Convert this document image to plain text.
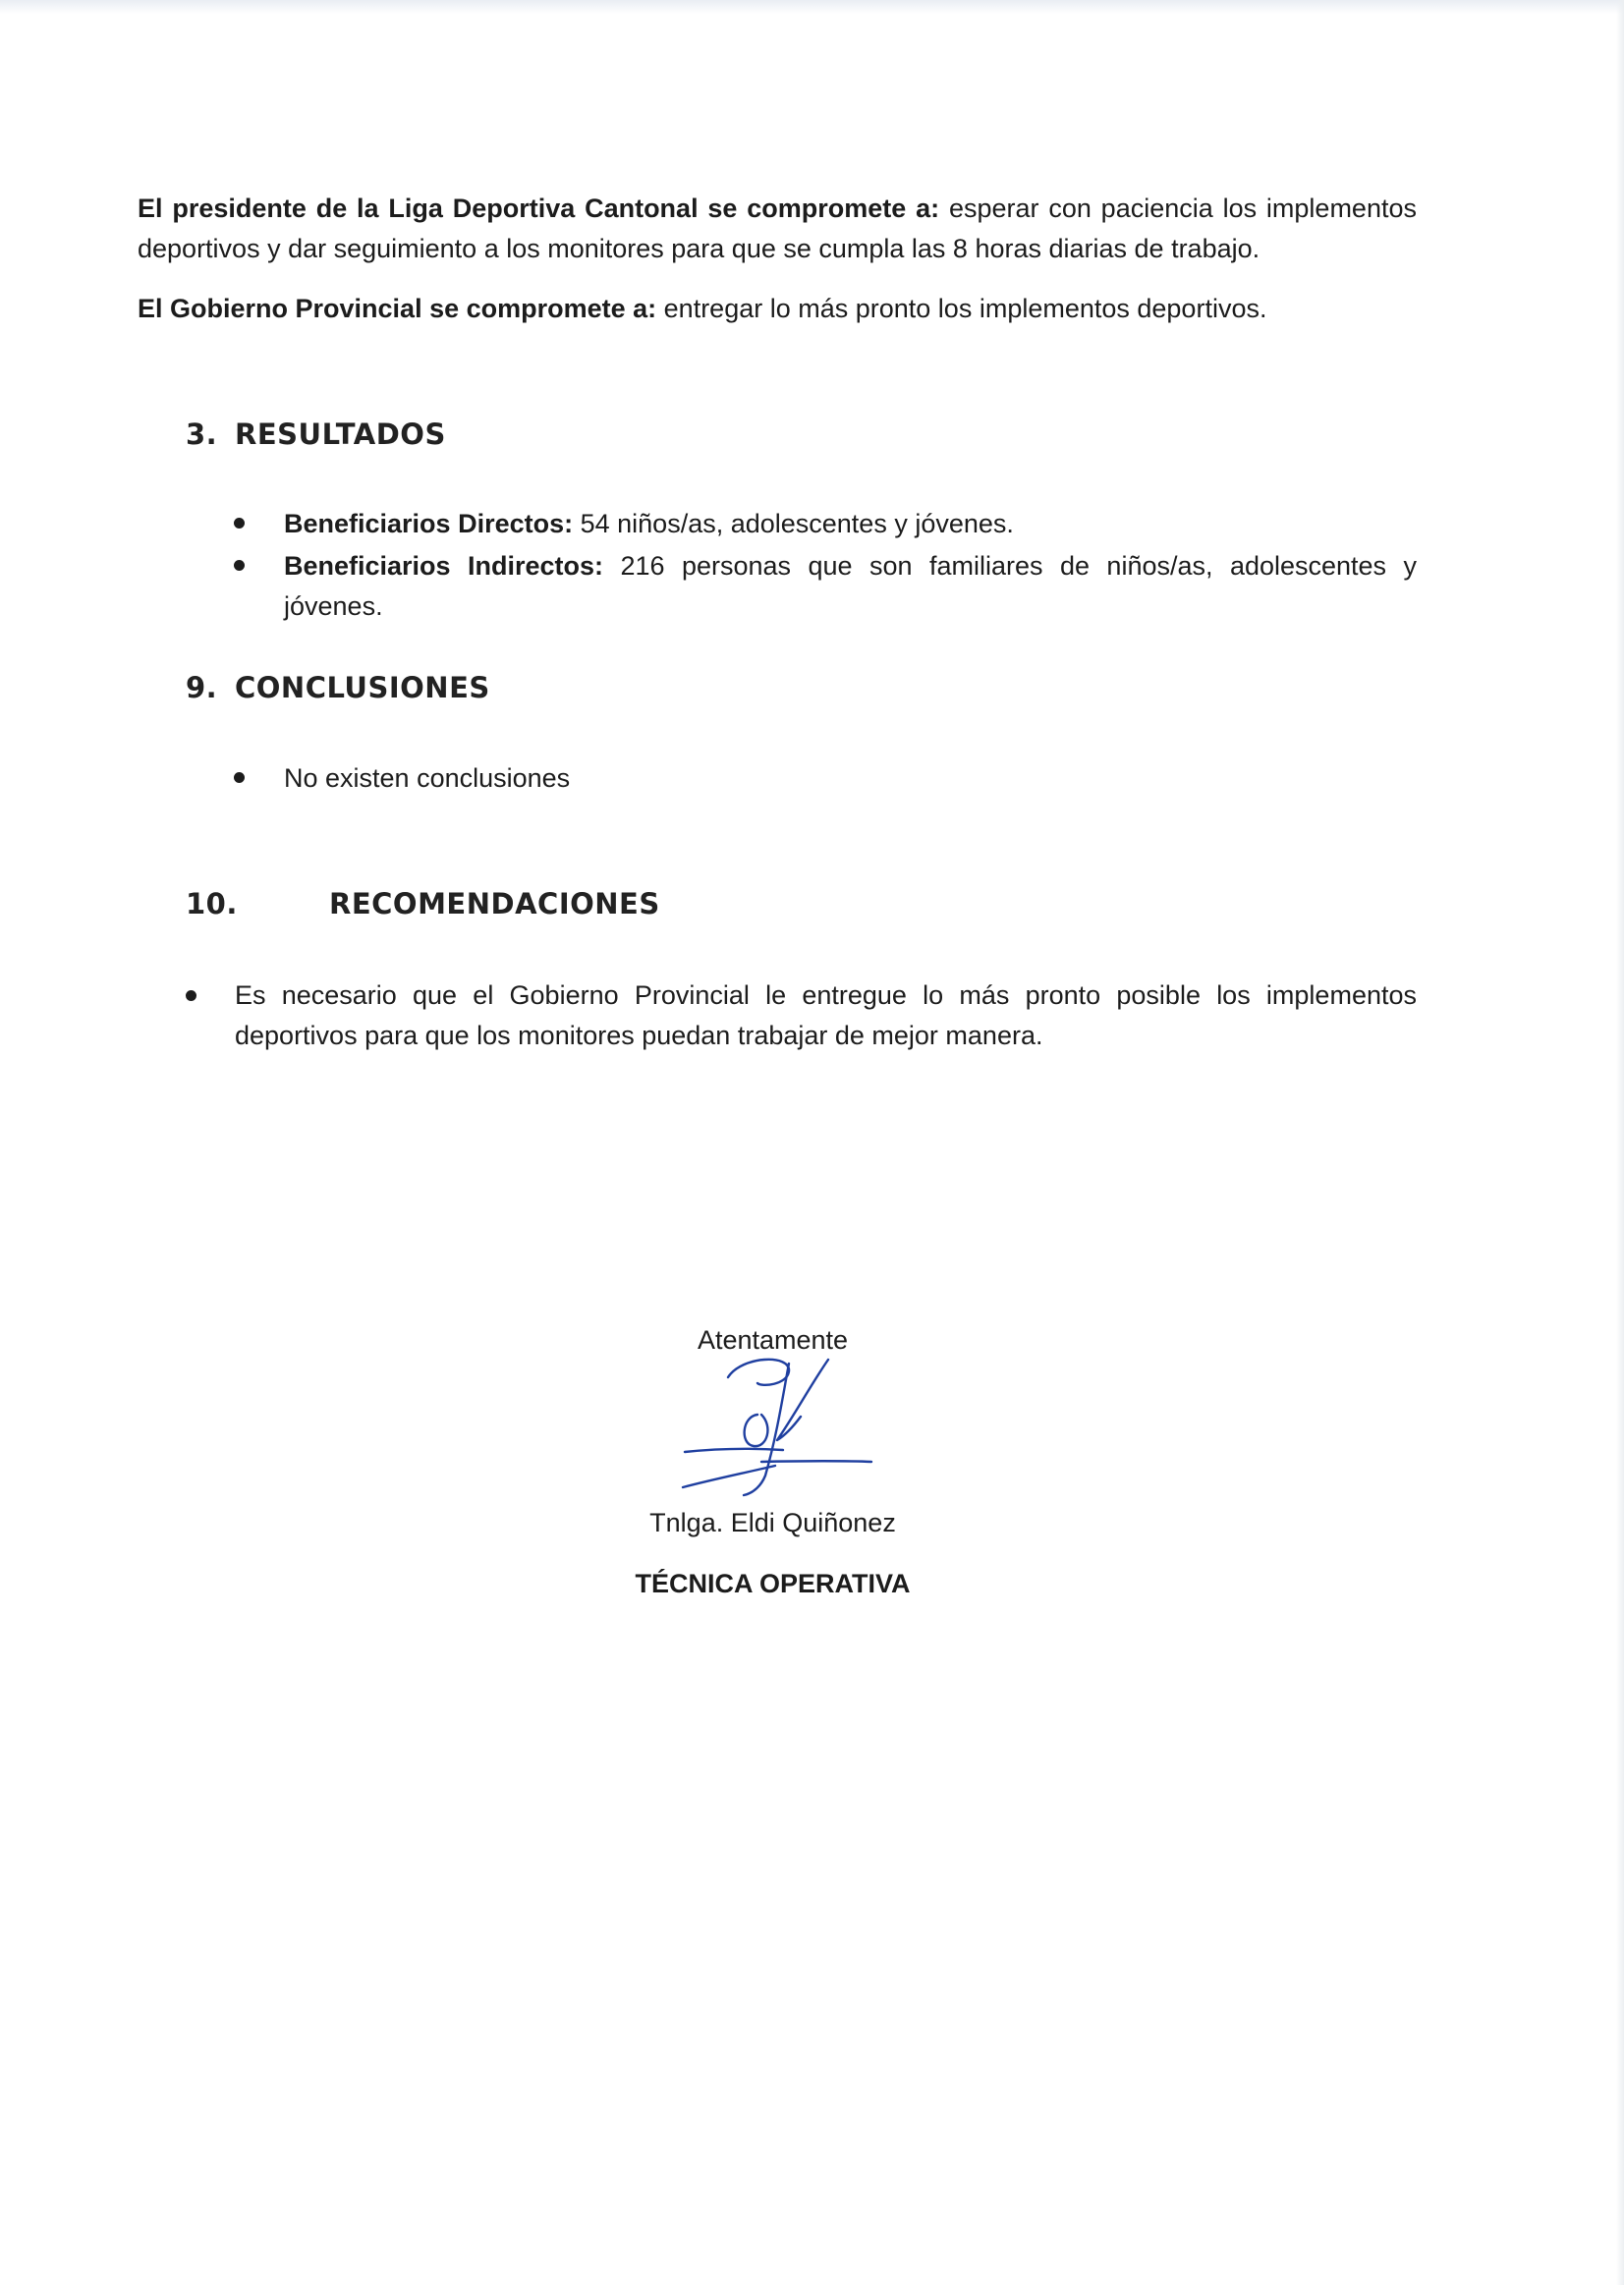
El presidente de la Liga Deportiva Cantonal se compromete a: esperar con paciencia los implementos deportivos y dar seguimiento a los monitores para que se cumpla las 8 horas diarias de trabajo.

El Gobierno Provincial se compromete a: entregar lo más pronto los implementos deportivos.

3. RESULTADOS
Beneficiarios Directos: 54 niños/as, adolescentes y jóvenes.
Beneficiarios Indirectos: 216 personas que son familiares de niños/as, adolescentes y jóvenes.
9. CONCLUSIONES
No existen conclusiones
10.	RECOMENDACIONES
Es necesario que el Gobierno Provincial le entregue lo más pronto posible los implementos deportivos para que los monitores puedan trabajar de mejor manera.
Atentamente
Tnlga. Eldi Quiñonez
TÉCNICA OPERATIVA
